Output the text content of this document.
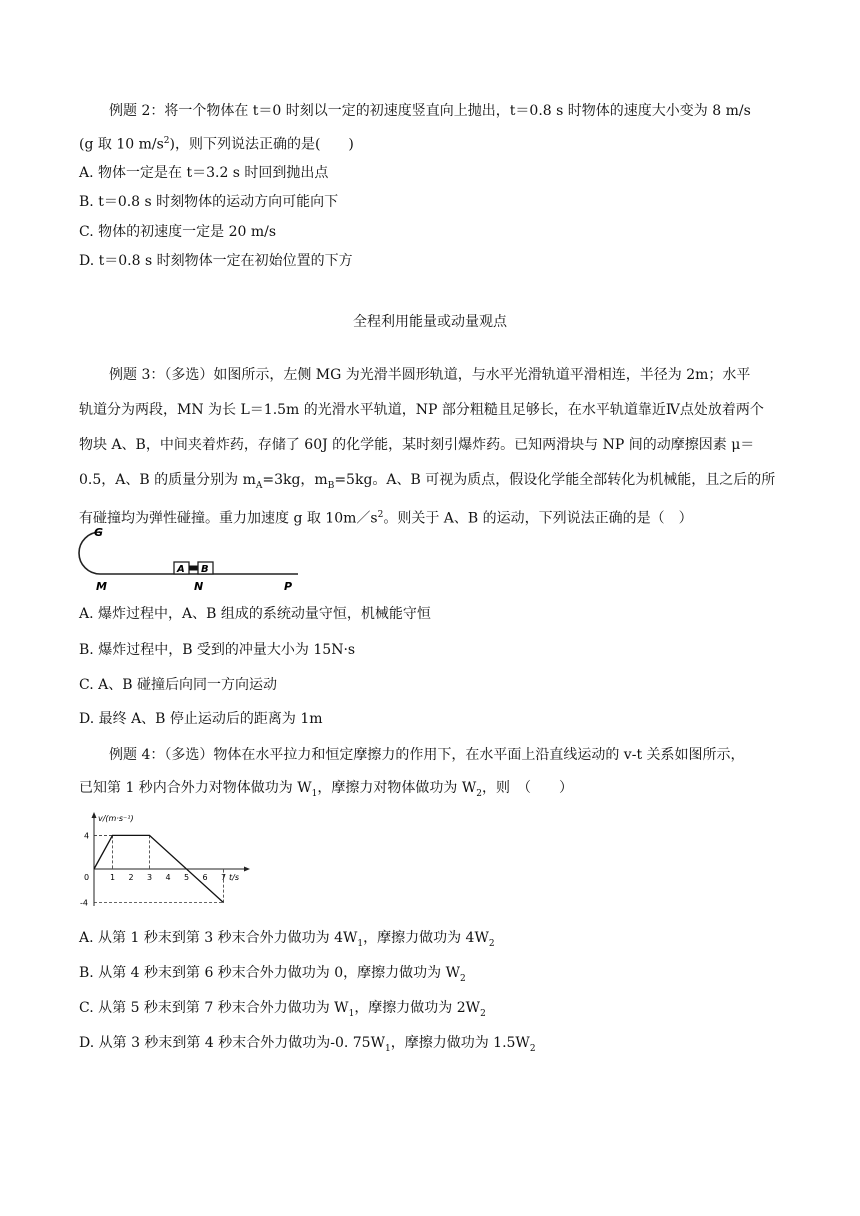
例题 2：将一个物体在 t＝0 时刻以一定的初速度竖直向上抛出，t＝0.8 s 时物体的速度大小变为 8 m/s
(g 取 10 $m/s^2$)，则下列说法正确的是(　　)
A. 物体一定是在 t＝3.2 s 时回到抛出点
B. t＝0.8 s 时刻物体的运动方向可能向下
C. 物体的初速度一定是 20 m/s
D. t＝0.8 s 时刻物体一定在初始位置的下方
全程利用能量或动量观点
例题 3：（多选）如图所示，左侧 MG 为光滑半圆形轨道，与水平光滑轨道平滑相连，半径为 2m；水平
轨道分为两段，MN 为长 L＝1.5m 的光滑水平轨道，NP 部分粗糙且足够长，在水平轨道靠近Ⅳ点处放着两个
物块 A、B，中间夹着炸药，存储了 60J 的化学能，某时刻引爆炸药。已知两滑块与 NP 间的动摩擦因素 μ＝
0.5，A、B 的质量分别为 $m_A=3kg$，$m_B=5kg$。A、B 可视为质点，假设化学能全部转化为机械能，且之后的所
有碰撞均为弹性碰撞。重力加速度 g 取 $10m/s^2$。则关于 A、B 的运动，下列说法正确的是（　）
G
M	N	P
A B
A. 爆炸过程中，A、B 组成的系统动量守恒，机械能守恒
B. 爆炸过程中，B 受到的冲量大小为 15N·s
C. A、B 碰撞后向同一方向运动
D. 最终 A、B 停止运动后的距离为 1m
例题 4：（多选）物体在水平拉力和恒定摩擦力的作用下，在水平面上沿直线运动的 v-t 关系如图所示，
已知第 1 秒内合外力对物体做功为 $W_1$，摩擦力对物体做功为 $W_2$，则　（　　）
v/(m·s⁻¹)
t/s
1 2 3 4 5 6 7
4
0
-4
A. 从第 1 秒末到第 3 秒末合外力做功为 $4W_1$，摩擦力做功为 $4W_2$
B. 从第 4 秒末到第 6 秒末合外力做功为 0，摩擦力做功为 $W_2$
C. 从第 5 秒末到第 7 秒末合外力做功为 $W_1$，摩擦力做功为 $2W_2$
D. 从第 3 秒末到第 4 秒末合外力做功为-0. $75W_1$，摩擦力做功为 $1.5W_2$
